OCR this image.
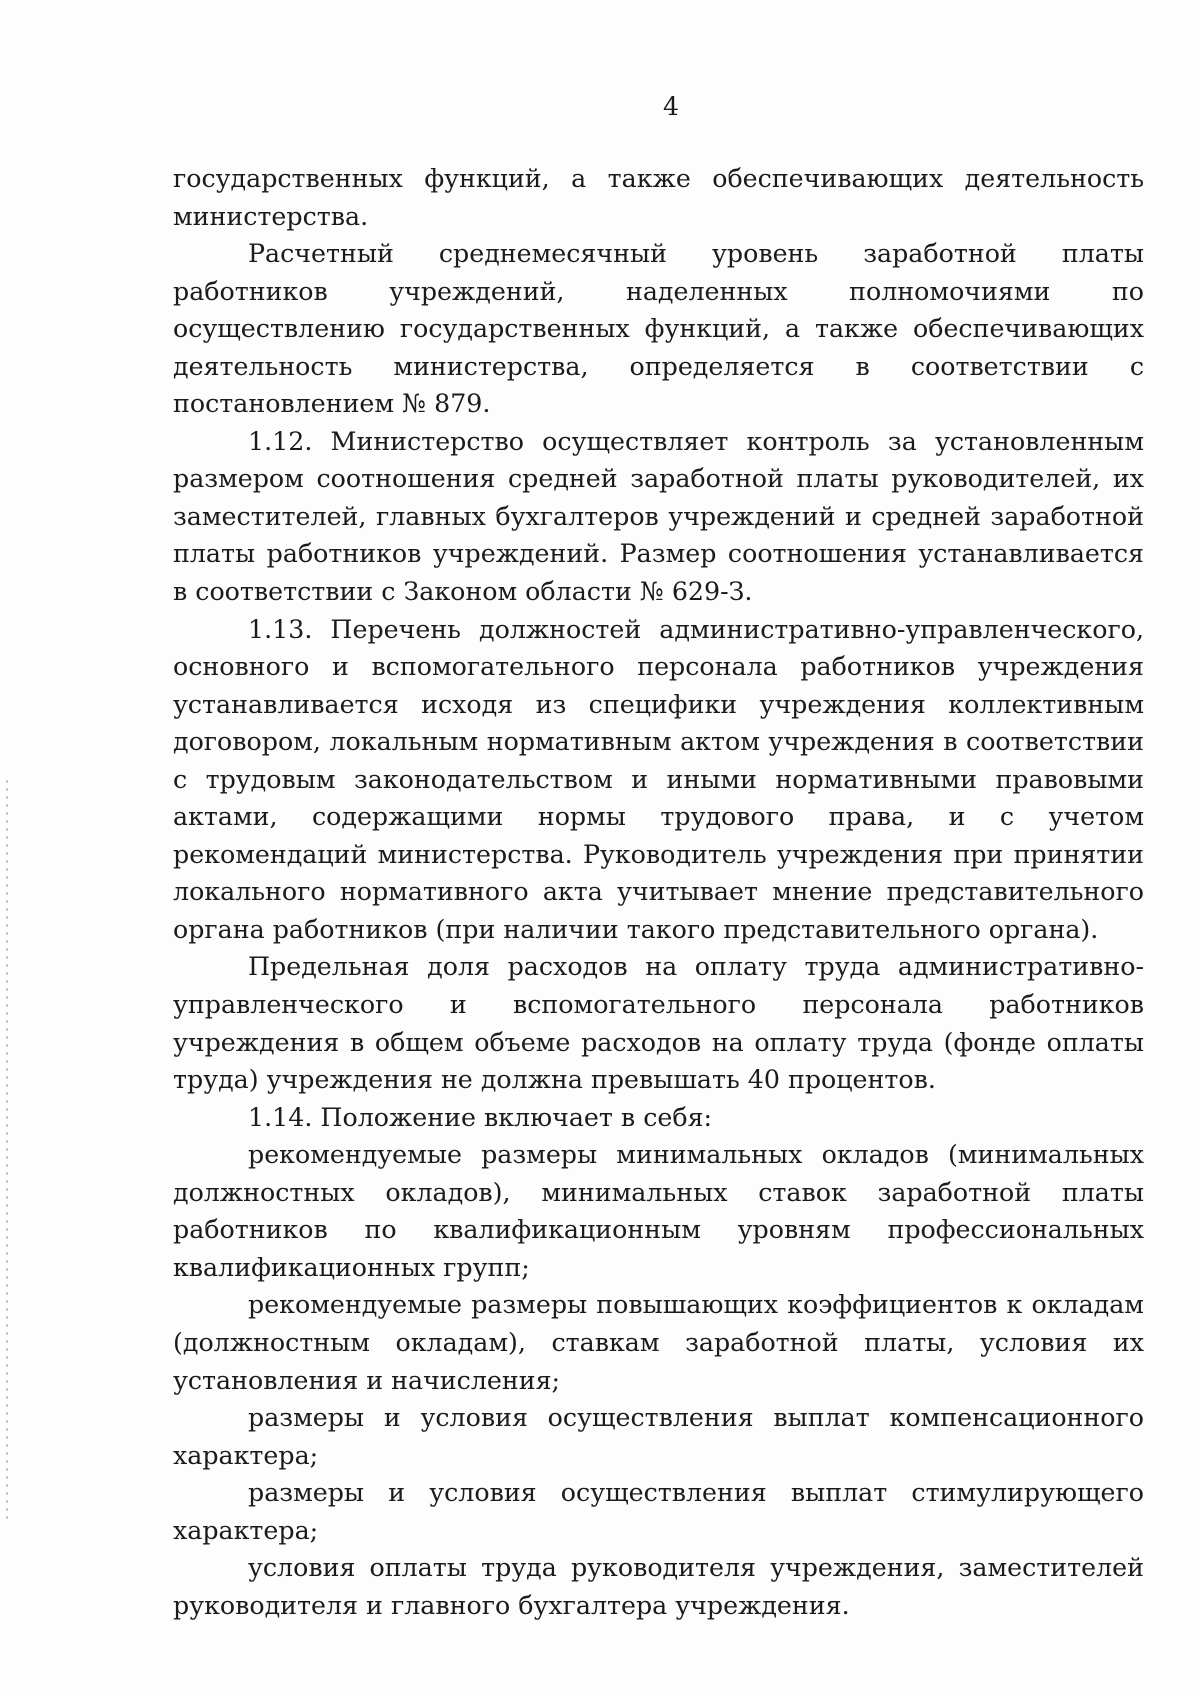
4

государственных функций, а также обеспечивающих деятельность министерства.

Расчетный среднемесячный уровень заработной платы работников учреждений, наделенных полномочиями по осуществлению государственных функций, а также обеспечивающих деятельность министерства, определяется в соответствии с постановлением № 879.

1.12. Министерство осуществляет контроль за установленным размером соотношения средней заработной платы руководителей, их заместителей, главных бухгалтеров учреждений и средней заработной платы работников учреждений. Размер соотношения устанавливается в соответствии с Законом области № 629-З.

1.13. Перечень должностей административно-управленческого, основного и вспомогательного персонала работников учреждения устанавливается исходя из специфики учреждения коллективным договором, локальным нормативным актом учреждения в соответствии с трудовым законодательством и иными нормативными правовыми актами, содержащими нормы трудового права, и с учетом рекомендаций министерства. Руководитель учреждения при принятии локального нормативного акта учитывает мнение представительного органа работников (при наличии такого представительного органа).

Предельная доля расходов на оплату труда административно-управленческого и вспомогательного персонала работников учреждения в общем объеме расходов на оплату труда (фонде оплаты труда) учреждения не должна превышать 40 процентов.

1.14. Положение включает в себя:

рекомендуемые размеры минимальных окладов (минимальных должностных окладов), минимальных ставок заработной платы работников по квалификационным уровням профессиональных квалификационных групп;

рекомендуемые размеры повышающих коэффициентов к окладам (должностным окладам), ставкам заработной платы, условия их установления и начисления;

размеры и условия осуществления выплат компенсационного характера;

размеры и условия осуществления выплат стимулирующего характера;

условия оплаты труда руководителя учреждения, заместителей руководителя и главного бухгалтера учреждения.
